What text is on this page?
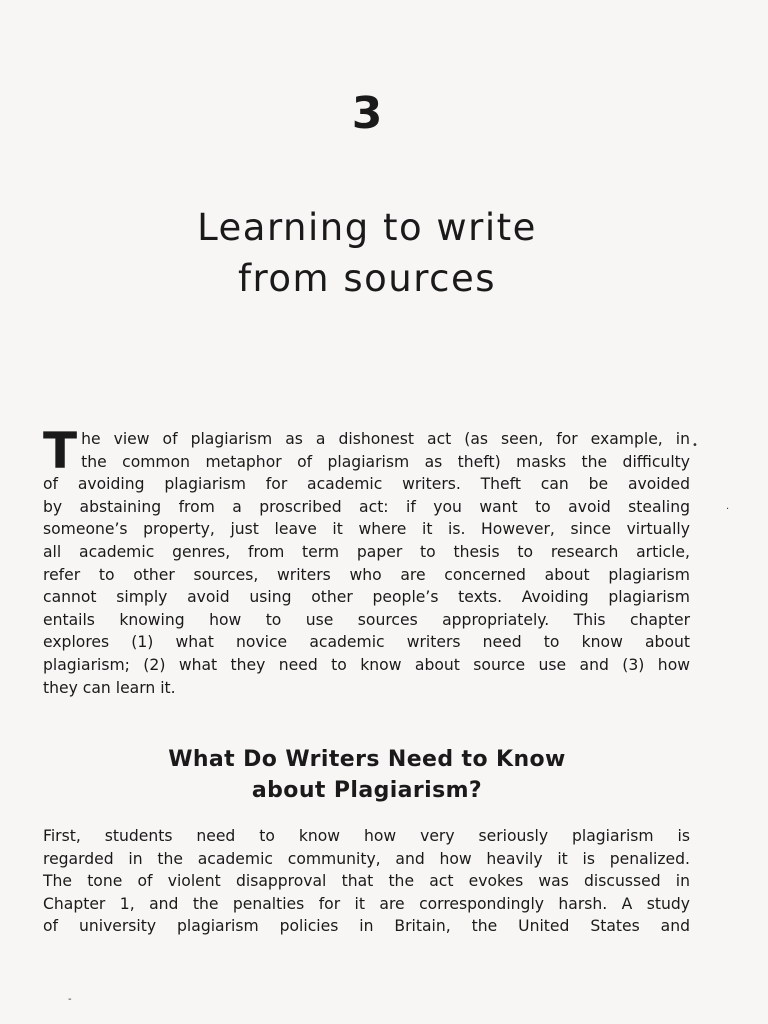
3
Learning to write
from sources
T he view of plagiarism as a dishonest act (as seen, for example, in
the common metaphor of plagiarism as theft) masks the difficulty
of avoiding plagiarism for academic writers. Theft can be avoided
by abstaining from a proscribed act: if you want to avoid stealing
someone’s property, just leave it where it is. However, since virtually
all academic genres, from term paper to thesis to research article,
refer to other sources, writers who are concerned about plagiarism
cannot simply avoid using other people’s texts. Avoiding plagiarism
entails knowing how to use sources appropriately. This chapter
explores (1) what novice academic writers need to know about
plagiarism; (2) what they need to know about source use and (3) how
they can learn it.
What Do Writers Need to Know
about Plagiarism?
First, students need to know how very seriously plagiarism is
regarded in the academic community, and how heavily it is penalized.
The tone of violent disapproval that the act evokes was discussed in
Chapter 1, and the penalties for it are correspondingly harsh. A study
of university plagiarism policies in Britain, the United States and
•
·
-
